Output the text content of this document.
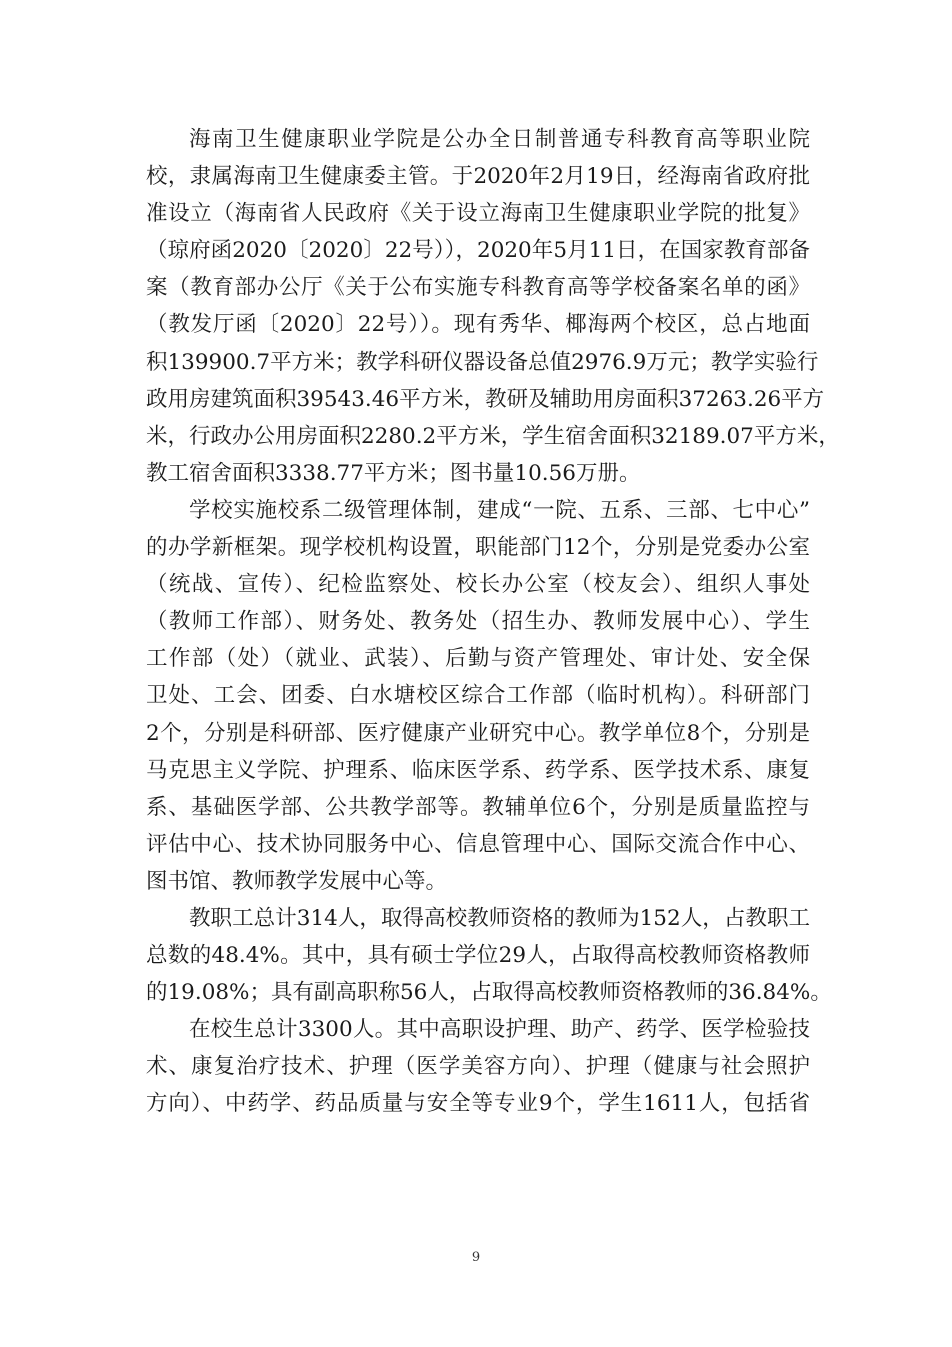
海南卫生健康职业学院是公办全日制普通专科教育高等职业院
校，隶属海南卫生健康委主管。于2020年2月19日，经海南省政府批
准设立（海南省人民政府《关于设立海南卫生健康职业学院的批复》
（琼府函2020〔2020〕22号）），2020年5月11日，在国家教育部备
案（教育部办公厅《关于公布实施专科教育高等学校备案名单的函》
（教发厅函〔2020〕22号））。现有秀华、椰海两个校区，总占地面
积139900.7平方米；教学科研仪器设备总值2976.9万元；教学实验行
政用房建筑面积39543.46平方米，教研及辅助用房面积37263.26平方
米，行政办公用房面积2280.2平方米，学生宿舍面积32189.07平方米，
教工宿舍面积3338.77平方米；图书量10.56万册。
学校实施校系二级管理体制，建成“一院、五系、三部、七中心”
的办学新框架。现学校机构设置，职能部门12个，分别是党委办公室
（统战、宣传）、纪检监察处、校长办公室（校友会）、组织人事处
（教师工作部）、财务处、教务处（招生办、教师发展中心）、学生
工作部（处）（就业、武装）、后勤与资产管理处、审计处、安全保
卫处、工会、团委、白水塘校区综合工作部（临时机构）。科研部门
2个，分别是科研部、医疗健康产业研究中心。教学单位8个，分别是
马克思主义学院、护理系、临床医学系、药学系、医学技术系、康复
系、基础医学部、公共教学部等。教辅单位6个，分别是质量监控与
评估中心、技术协同服务中心、信息管理中心、国际交流合作中心、
图书馆、教师教学发展中心等。
教职工总计314人，取得高校教师资格的教师为152人，占教职工
总数的48.4%。其中，具有硕士学位29人，占取得高校教师资格教师
的19.08%；具有副高职称56人，占取得高校教师资格教师的36.84%。
在校生总计3300人。其中高职设护理、助产、药学、医学检验技
术、康复治疗技术、护理（医学美容方向）、护理（健康与社会照护
方向）、中药学、药品质量与安全等专业9个，学生1611人，包括省
9
